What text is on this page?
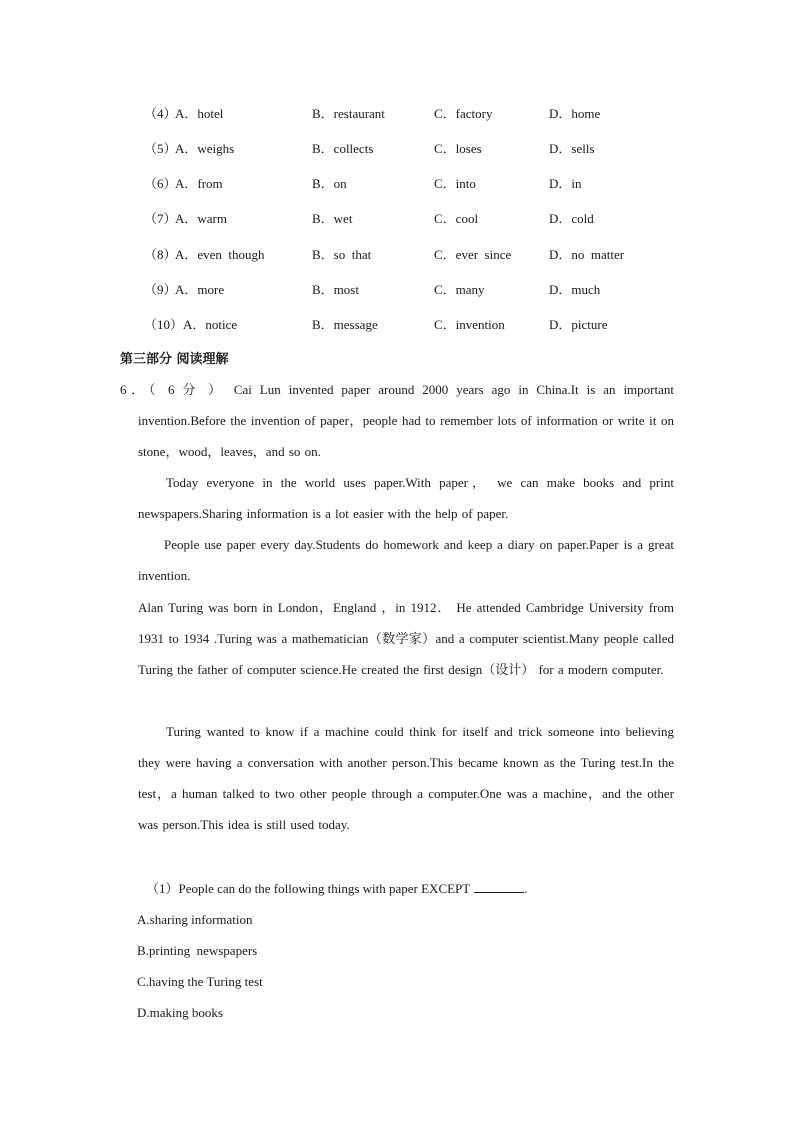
（4）
A．hotel	B．restaurant	C．factory	D．home
（5）
A．weighs	B．collects	C．loses	D．sells
（6）
A．from	B．on	C．into	D．in
（7）
A．warm	B．wet	C．cool	D．cold
（8）
A．even  though	B．so  that	C．ever  since	D．no  matter
（9）
A．more	B．most	C．many	D．much
（10） A．notice	B．message	C．invention	D．picture
第三部分 阅读理解
6．（ 6 分 ） Cai Lun invented paper around 2000 years ago in China.It is an important
invention.Before the invention of paper，people had to remember lots of information or write it on stone，wood，leaves，and so on.
Today everyone in the world uses paper.With paper， we can make books and print newspapers.Sharing information is a lot easier with the help of paper.
People use paper every day.Students do homework and keep a diary on paper.Paper is a great invention.
Alan Turing was born in London，England ，in 1912． He attended Cambridge University from 1931 to 1934 .Turing was a mathematician（数学家）and a computer scientist.Many people called Turing the father of computer science.He created the first design（设计） for a modern computer.
Turing wanted to know if a machine could think for itself and trick someone into believing they were having a conversation with another person.This became known as the Turing test.In the test，a human talked to two other people through a computer.One was a machine，and the other was person.This idea is still used today.
（1）People can do the following things with paper EXCEPT	.
A.sharing information
B.printing  newspapers
C.having the Turing test
D.making books
